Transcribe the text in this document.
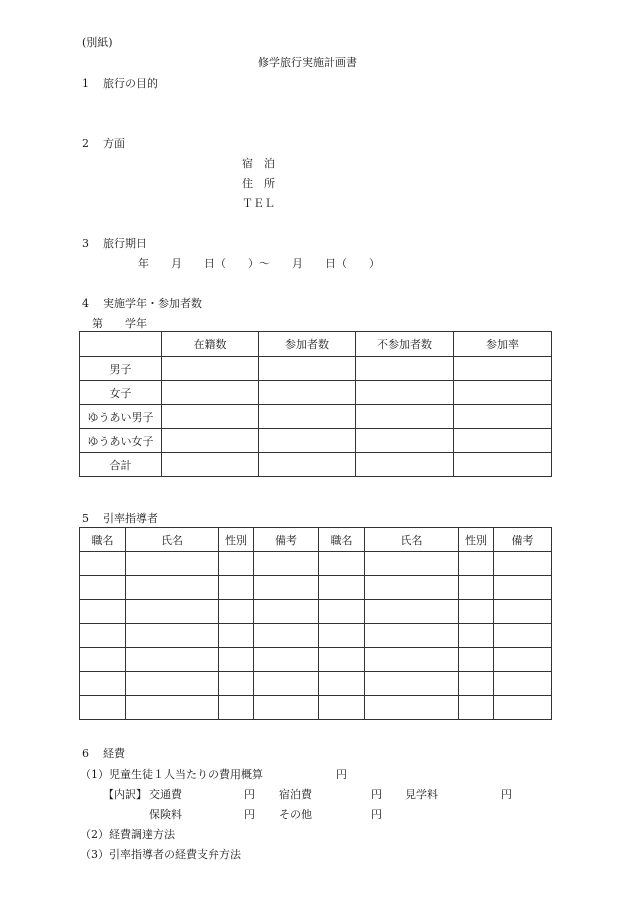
(別紙)
修学旅行実施計画書
1 旅行の目的
2 方面
宿　泊
住　所
ＴＥＬ
3 旅行期日
年　　月　　日（　　）～　　月　　日（　　）
4 実施学年・参加者数
第　　学年
	在籍数	参加者数	不参加者数	参加率
男子				
女子				
ゆうあい男子				
ゆうあい女子				
合計				
5 引率指導者
職名	氏名	性別	備考	職名	氏名	性別	備考

6 経費
（1）児童生徒１人当たりの費用概算	円
【内訳】 交通費	円 宿泊費	円 見学料	円
保険料	円 その他	円
（2）経費調達方法
（3）引率指導者の経費支弁方法
